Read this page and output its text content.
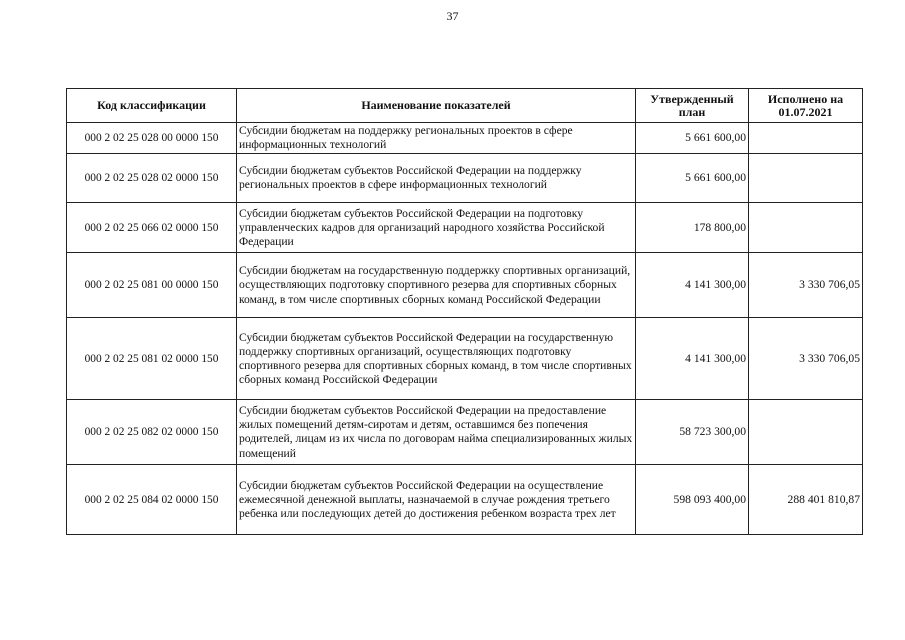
37
Код классификации	Наименование показателей	Утвержденный план	Исполнено на 01.07.2021
000 2 02 25 028 00 0000 150	Субсидии бюджетам на поддержку региональных проектов в сфере информационных технологий	5 661 600,00	
000 2 02 25 028 02 0000 150	Субсидии бюджетам субъектов Российской Федерации на поддержку региональных проектов в сфере информационных технологий	5 661 600,00	
000 2 02 25 066 02 0000 150	Субсидии бюджетам субъектов Российской Федерации на подготовку управленческих кадров для организаций народного хозяйства Российской Федерации	178 800,00	
000 2 02 25 081 00 0000 150	Субсидии бюджетам на государственную поддержку спортивных организаций, осуществляющих подготовку спортивного резерва для спортивных сборных команд, в том числе спортивных сборных команд Российской Федерации	4 141 300,00	3 330 706,05
000 2 02 25 081 02 0000 150	Субсидии бюджетам субъектов Российской Федерации на государственную поддержку спортивных организаций, осуществляющих подготовку спортивного резерва для спортивных сборных команд, в том числе спортивных сборных команд Российской Федерации	4 141 300,00	3 330 706,05
000 2 02 25 082 02 0000 150	Субсидии бюджетам субъектов Российской Федерации на предоставление жилых помещений детям-сиротам и детям, оставшимся без попечения родителей, лицам из их числа по договорам найма специализированных жилых помещений	58 723 300,00	
000 2 02 25 084 02 0000 150	Субсидии бюджетам субъектов Российской Федерации на осуществление ежемесячной денежной выплаты, назначаемой в случае рождения третьего ребенка или последующих детей до достижения ребенком возраста трех лет	598 093 400,00	288 401 810,87
